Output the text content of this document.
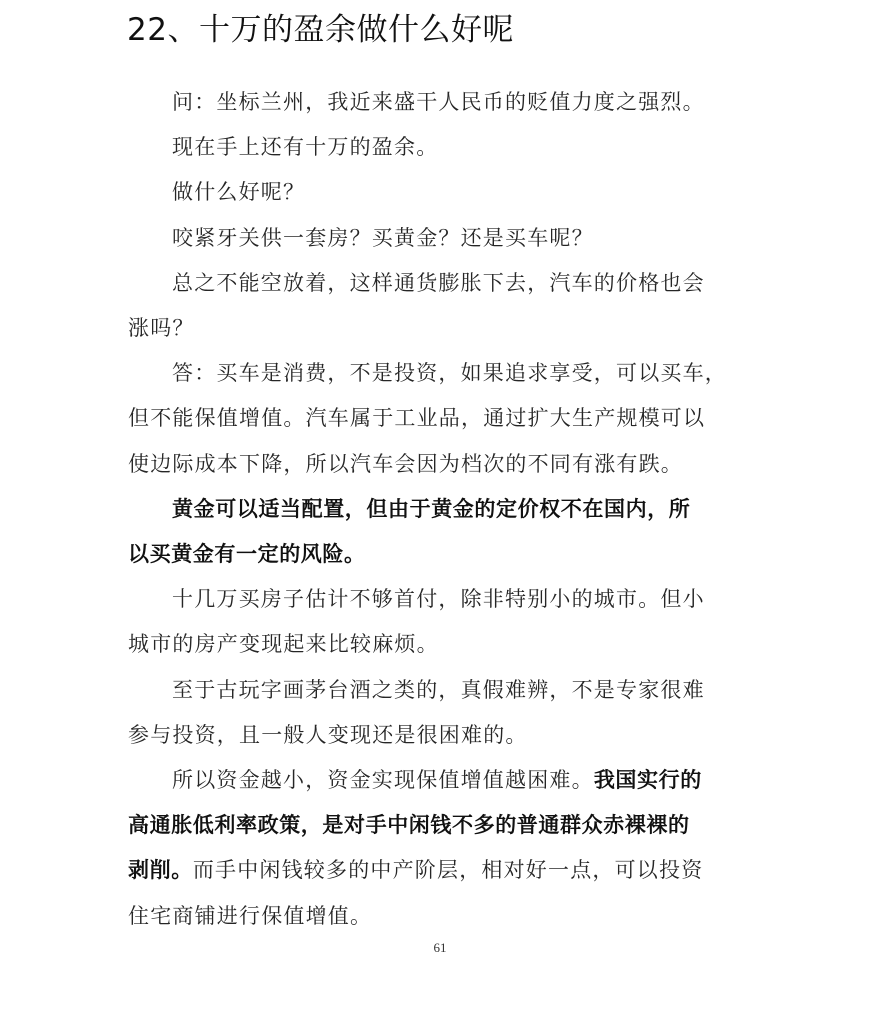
22、十万的盈余做什么好呢
问：坐标兰州，我近来盛干人民币的贬值力度之强烈。
现在手上还有十万的盈余。
做什么好呢？
咬紧牙关供一套房？买黄金？还是买车呢？
总之不能空放着，这样通货膨胀下去，汽车的价格也会
涨吗？
答：买车是消费，不是投资，如果追求享受，可以买车，
但不能保值增值。汽车属于工业品，通过扩大生产规模可以
使边际成本下降，所以汽车会因为档次的不同有涨有跌。
黄金可以适当配置，但由于黄金的定价权不在国内，所
以买黄金有一定的风险。
十几万买房子估计不够首付，除非特别小的城市。但小
城市的房产变现起来比较麻烦。
至于古玩字画茅台酒之类的，真假难辨，不是专家很难
参与投资，且一般人变现还是很困难的。
所以资金越小，资金实现保值增值越困难。我国实行的
高通胀低利率政策，是对手中闲钱不多的普通群众赤裸裸的
剥削。而手中闲钱较多的中产阶层，相对好一点，可以投资
住宅商铺进行保值增值。
61
